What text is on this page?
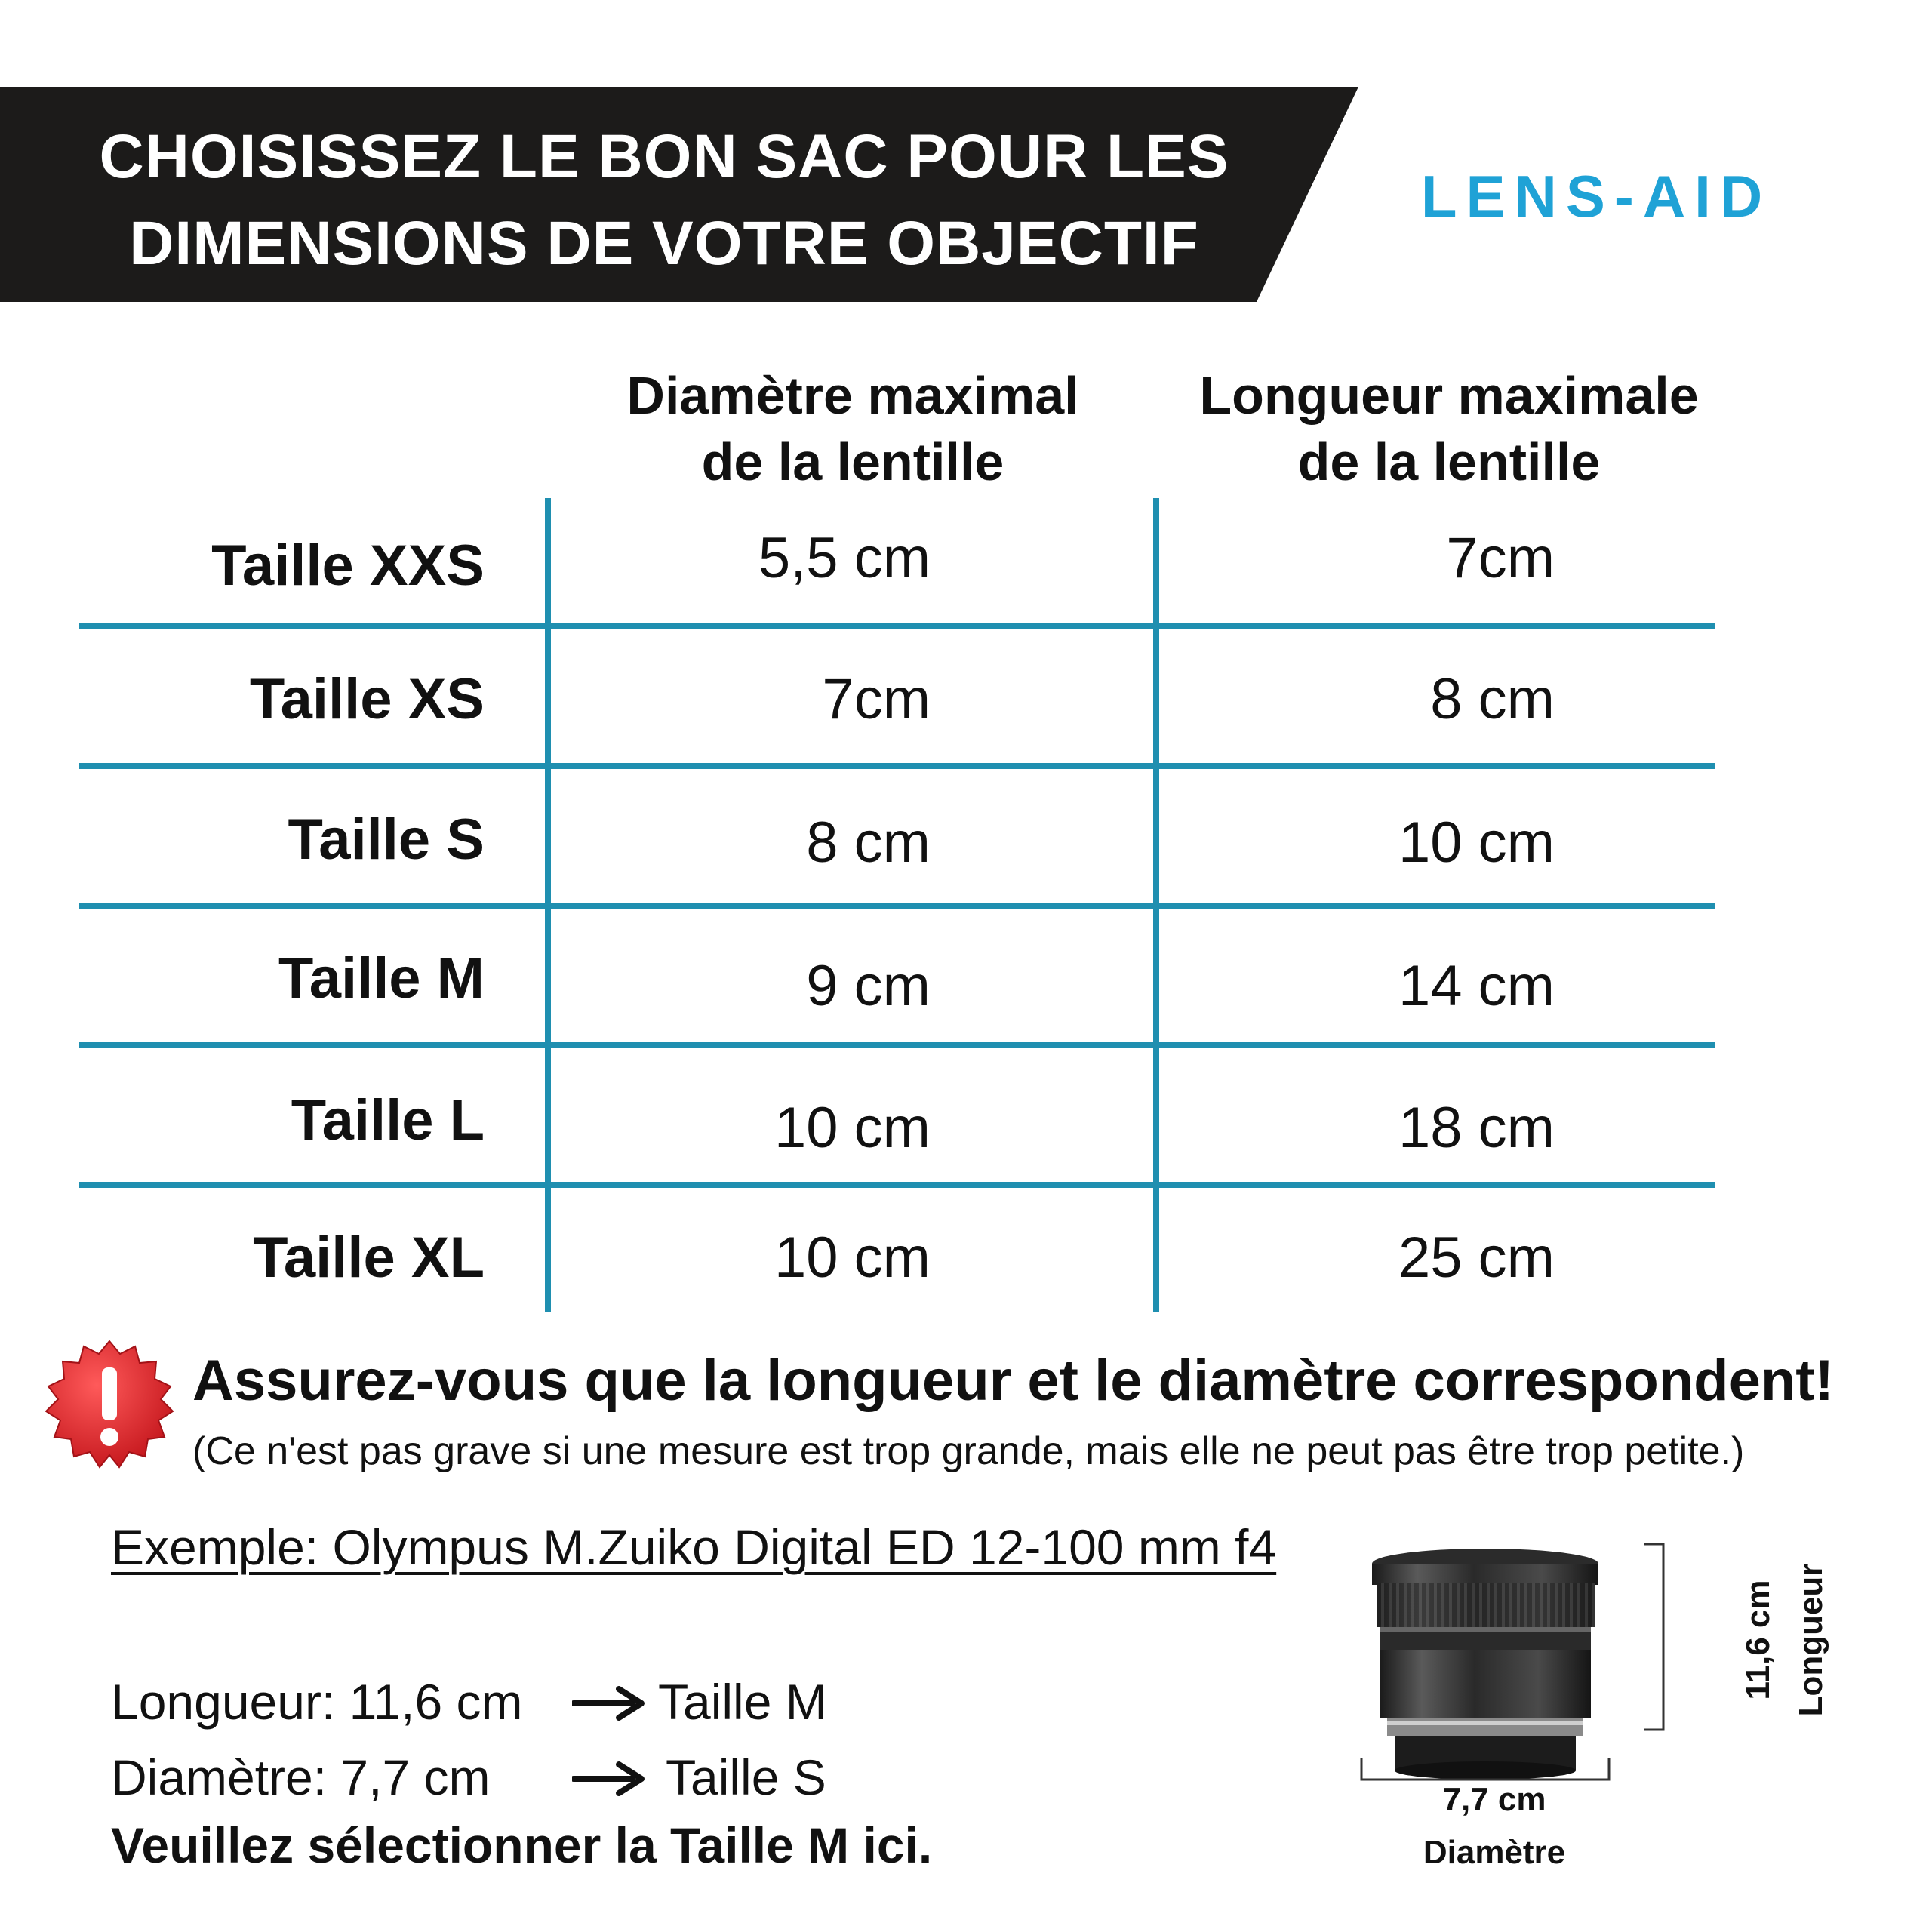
CHOISISSEZ LE BON SAC POUR LES
DIMENSIONS DE VOTRE OBJECTIF
LENS-AID
Diamètre maximal
de la lentille
Longueur maximale
de la lentille
Taille XXS	5,5 cm	7cm
Taille XS	7cm	8 cm
Taille S	8 cm	10 cm
Taille M	9 cm	14 cm
Taille L	10 cm	18 cm
Taille XL	10 cm	25 cm
Assurez-vous que la longueur et le diamètre correspondent!
(Ce n'est pas grave si une mesure est trop grande, mais elle ne peut pas être trop petite.)
Exemple: Olympus M.Zuiko Digital ED 12-100 mm f4
Longueur: 11,6 cm	Taille M
Diamètre: 7,7 cm	Taille S
Veuillez sélectionner la Taille M ici.
11,6 cm Longueur
7,7 cm
Diamètre
